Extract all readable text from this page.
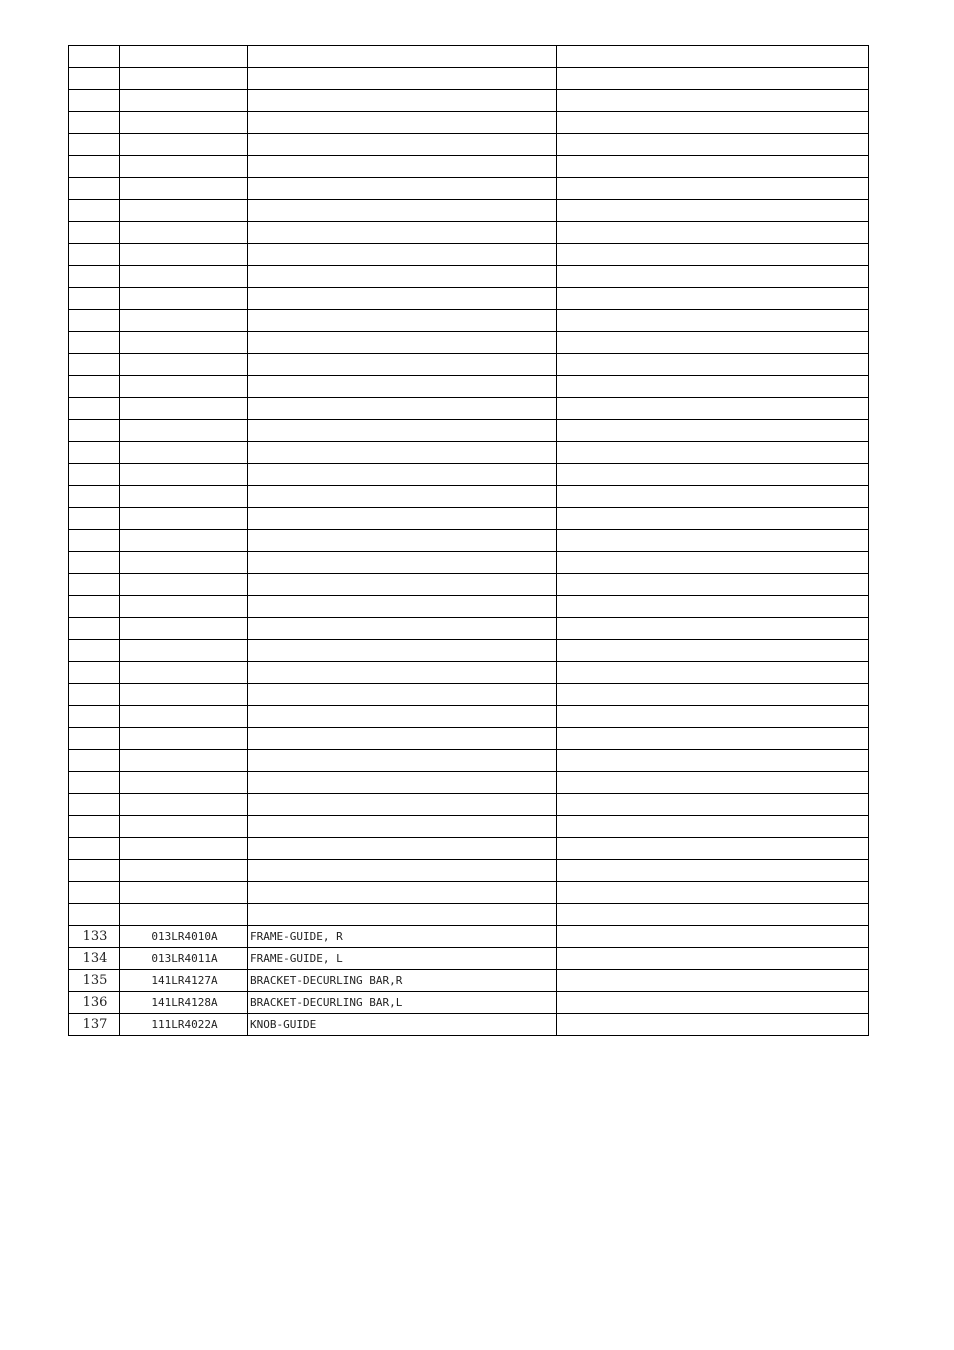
133	013LR4010A	FRAME-GUIDE, R	
134	013LR4011A	FRAME-GUIDE, L	
135	141LR4127A	BRACKET-DECURLING BAR,R	
136	141LR4128A	BRACKET-DECURLING BAR,L	
137	111LR4022A	KNOB-GUIDE	
